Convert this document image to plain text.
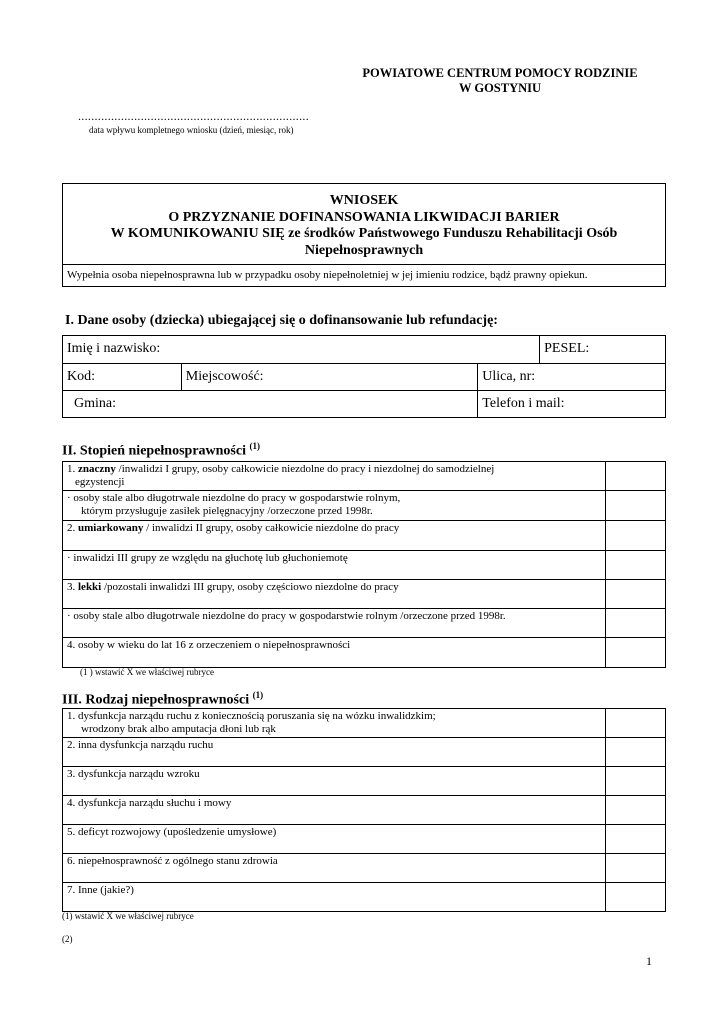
POWIATOWE CENTRUM POMOCY RODZINIE
W GOSTYNIU
......................................................................
data wpływu kompletnego wniosku (dzień, miesiąc, rok)
WNIOSEK
O PRZYZNANIE DOFINANSOWANIA LIKWIDACJI BARIER
W KOMUNIKOWANIU SIĘ ze środków Państwowego Funduszu Rehabilitacji Osób
Niepełnosprawnych
Wypełnia osoba niepełnosprawna lub w przypadku osoby niepełnoletniej w jej imieniu rodzice, bądź prawny opiekun.
I. Dane osoby (dziecka) ubiegającej się o dofinansowanie lub refundację:
Imię i nazwisko:			PESEL:
Kod:	Miejscowość:	Ulica, nr:	
Gmina:		Telefon i mail:	
II. Stopień niepełnosprawności $^{(1)}$
1. znaczny /inwalidzi I grupy, osoby całkowicie niezdolne do pracy i niezdolnej do samodzielnej
egzystencji	

· osoby stale albo długotrwale niezdolne do pracy w gospodarstwie rolnym,
którym przysługuje zasiłek pielęgnacyjny /orzeczone przed 1998r.	

2. umiarkowany / inwalidzi II grupy, osoby całkowicie niezdolne do pracy	
· inwalidzi III grupy ze względu na głuchotę lub głuchoniemotę	
3. lekki /pozostali inwalidzi III grupy, osoby częściowo niezdolne do pracy	
· osoby stale albo długotrwale niezdolne do pracy w gospodarstwie rolnym /orzeczone przed 1998r.	
4. osoby w wieku do lat 16 z orzeczeniem o niepełnosprawności	
(1 ) wstawić X we właściwej rubryce
III. Rodzaj niepełnosprawności $^{(1)}$
1. dysfunkcja narządu ruchu z koniecznością poruszania się na wózku inwalidzkim;
wrodzony brak albo amputacja dłoni lub rąk	

2. inna dysfunkcja narządu ruchu	
3. dysfunkcja narządu wzroku	
4. dysfunkcja narządu słuchu i mowy	
5. deficyt rozwojowy (upośledzenie umysłowe)	
6. niepełnosprawność z ogólnego stanu zdrowia	
7. Inne (jakie?)	
(1) wstawić X we właściwej rubryce
(2)
1
